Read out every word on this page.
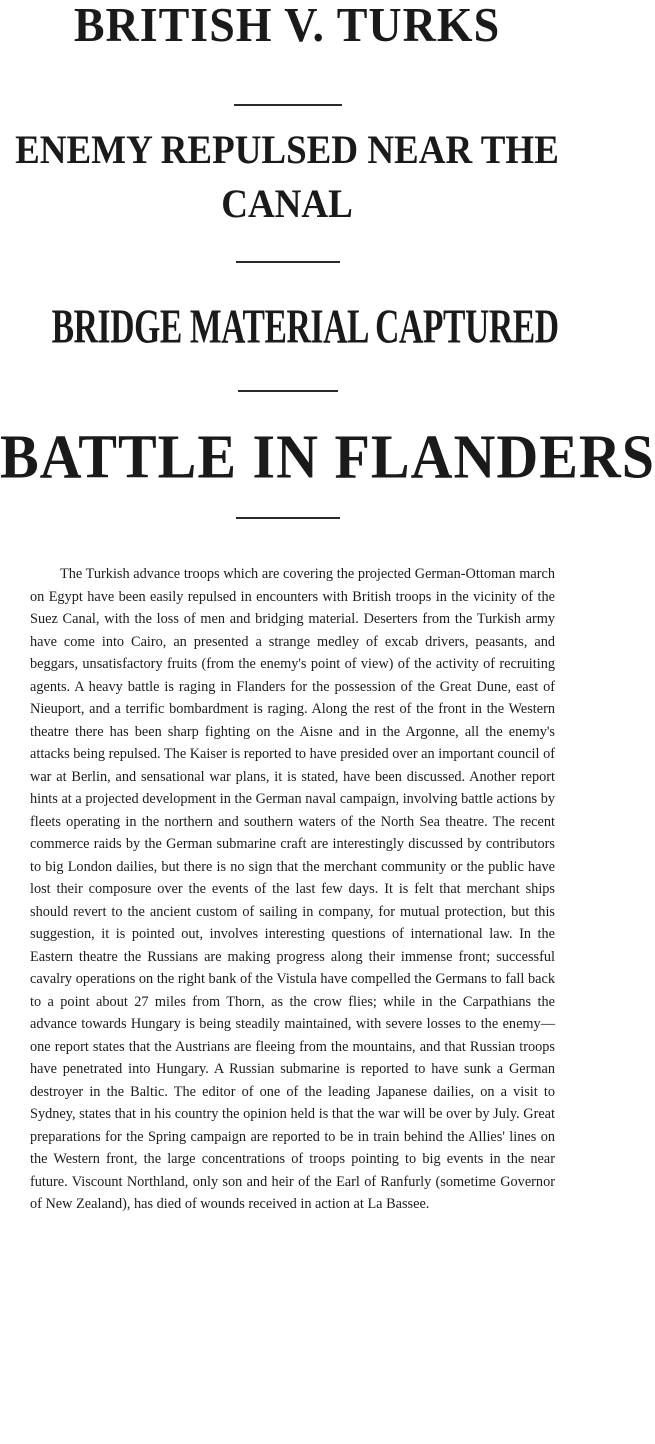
BRITISH V. TURKS
ENEMY REPULSED NEAR THE CANAL
BRIDGE MATERIAL CAPTURED
BATTLE IN FLANDERS

The Turkish advance troops which are covering the projected German-Ottoman march on Egypt have been easily repulsed in encounters with British troops in the vicinity of the Suez Canal, with the loss of men and bridging material. Deserters from the Turkish army have come into Cairo, an presented a strange medley of excab drivers, peasants, and beggars, unsatisfactory fruits (from the enemy's point of view) of the activity of recruiting agents. A heavy battle is raging in Flanders for the possession of the Great Dune, east of Nieuport, and a terrific bombardment is raging. Along the rest of the front in the Western theatre there has been sharp fighting on the Aisne and in the Argonne, all the enemy's attacks being repulsed. The Kaiser is reported to have presided over an important council of war at Berlin, and sensational war plans, it is stated, have been discussed. Another report hints at a projected development in the German naval campaign, involving battle actions by fleets operating in the northern and southern waters of the North Sea theatre. The recent commerce raids by the German submarine craft are interestingly discussed by contributors to big London dailies, but there is no sign that the merchant community or the public have lost their composure over the events of the last few days. It is felt that merchant ships should revert to the ancient custom of sailing in company, for mutual protection, but this suggestion, it is pointed out, involves interesting questions of international law. In the Eastern theatre the Russians are making progress along their immense front; successful cavalry operations on the right bank of the Vistula have compelled the Germans to fall back to a point about 27 miles from Thorn, as the crow flies; while in the Carpathians the advance towards Hungary is being steadily maintained, with severe losses to the enemy—one report states that the Austrians are fleeing from the mountains, and that Russian troops have penetrated into Hungary. A Russian submarine is reported to have sunk a German destroyer in the Baltic. The editor of one of the leading Japanese dailies, on a visit to Sydney, states that in his country the opinion held is that the war will be over by July. Great preparations for the Spring campaign are reported to be in train behind the Allies' lines on the Western front, the large concentrations of troops pointing to big events in the near future. Viscount Northland, only son and heir of the Earl of Ranfurly (sometime Governor of New Zealand), has died of wounds received in action at La Bassee.
